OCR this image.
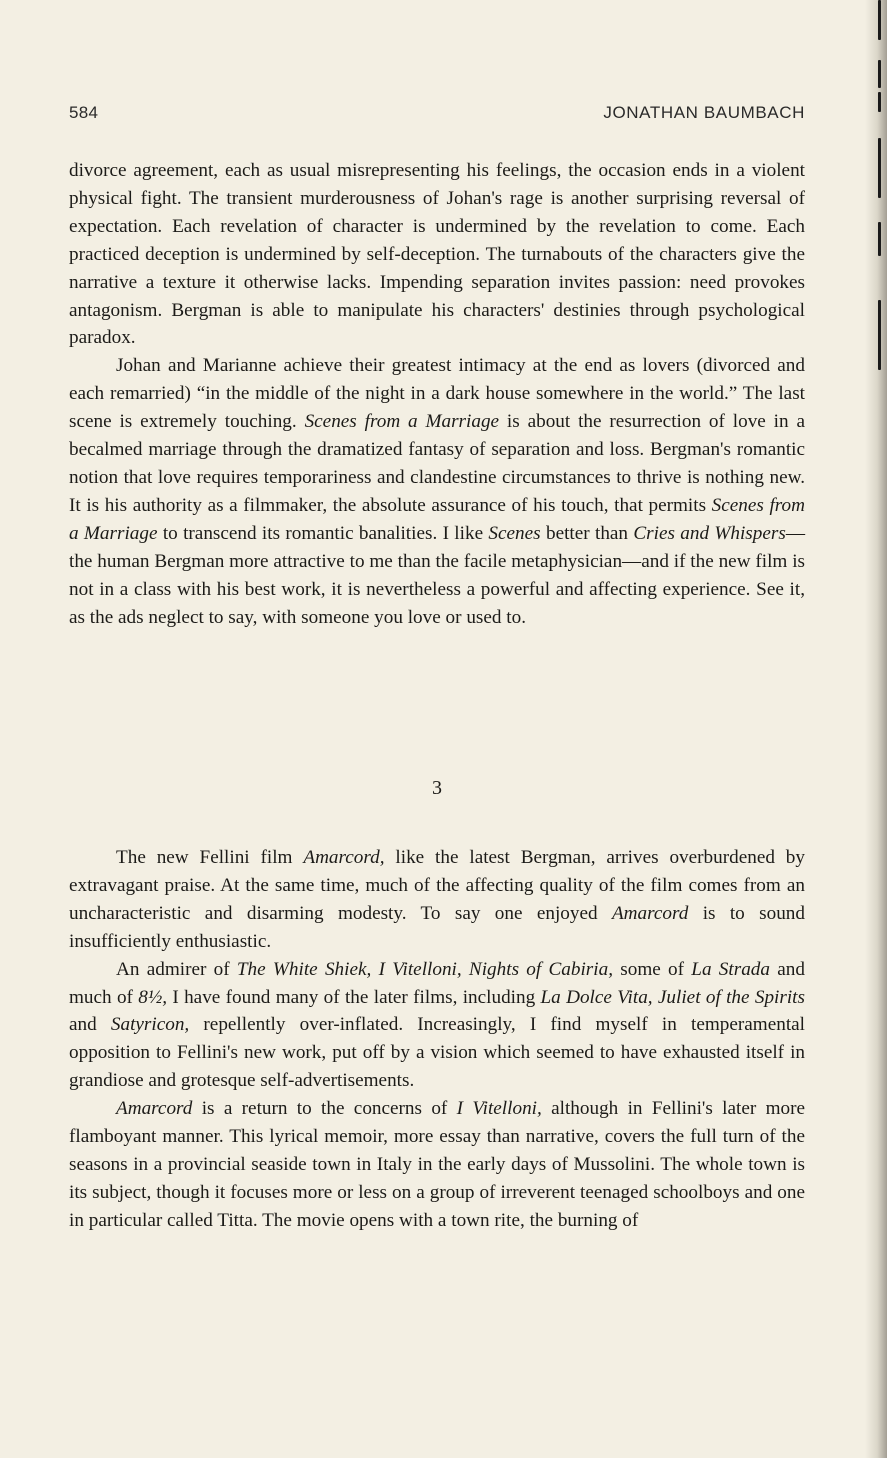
584	JONATHAN BAUMBACH

divorce agreement, each as usual misrepresenting his feelings, the occasion ends in a violent physical fight. The transient murderousness of Johan's rage is another surprising reversal of expectation. Each revelation of character is undermined by the revelation to come. Each practiced deception is undermined by self-deception. The turnabouts of the characters give the narrative a texture it otherwise lacks. Impending separation invites passion: need provokes antagonism. Bergman is able to manipulate his characters' destinies through psychological paradox.

Johan and Marianne achieve their greatest intimacy at the end as lovers (divorced and each remarried) “in the middle of the night in a dark house somewhere in the world.” The last scene is extremely touching. Scenes from a Marriage is about the resurrection of love in a becalmed marriage through the dramatized fantasy of separation and loss. Bergman's romantic notion that love requires temporariness and clandestine circumstances to thrive is nothing new. It is his authority as a filmmaker, the absolute assurance of his touch, that permits Scenes from a Marriage to transcend its romantic banalities. I like Scenes better than Cries and Whispers—the human Bergman more attractive to me than the facile metaphysician—and if the new film is not in a class with his best work, it is nevertheless a powerful and affecting experience. See it, as the ads neglect to say, with someone you love or used to.

3

The new Fellini film Amarcord, like the latest Bergman, arrives overburdened by extravagant praise. At the same time, much of the affecting quality of the film comes from an uncharacteristic and disarming modesty. To say one enjoyed Amarcord is to sound insufficiently enthusiastic.

An admirer of The White Shiek, I Vitelloni, Nights of Cabiria, some of La Strada and much of 8½, I have found many of the later films, including La Dolce Vita, Juliet of the Spirits and Satyricon, repellently over-inflated. Increasingly, I find myself in temperamental opposition to Fellini's new work, put off by a vision which seemed to have exhausted itself in grandiose and grotesque self-advertisements.

Amarcord is a return to the concerns of I Vitelloni, although in Fellini's later more flamboyant manner. This lyrical memoir, more essay than narrative, covers the full turn of the seasons in a provincial seaside town in Italy in the early days of Mussolini. The whole town is its subject, though it focuses more or less on a group of irreverent teenaged schoolboys and one in particular called Titta. The movie opens with a town rite, the burning of
